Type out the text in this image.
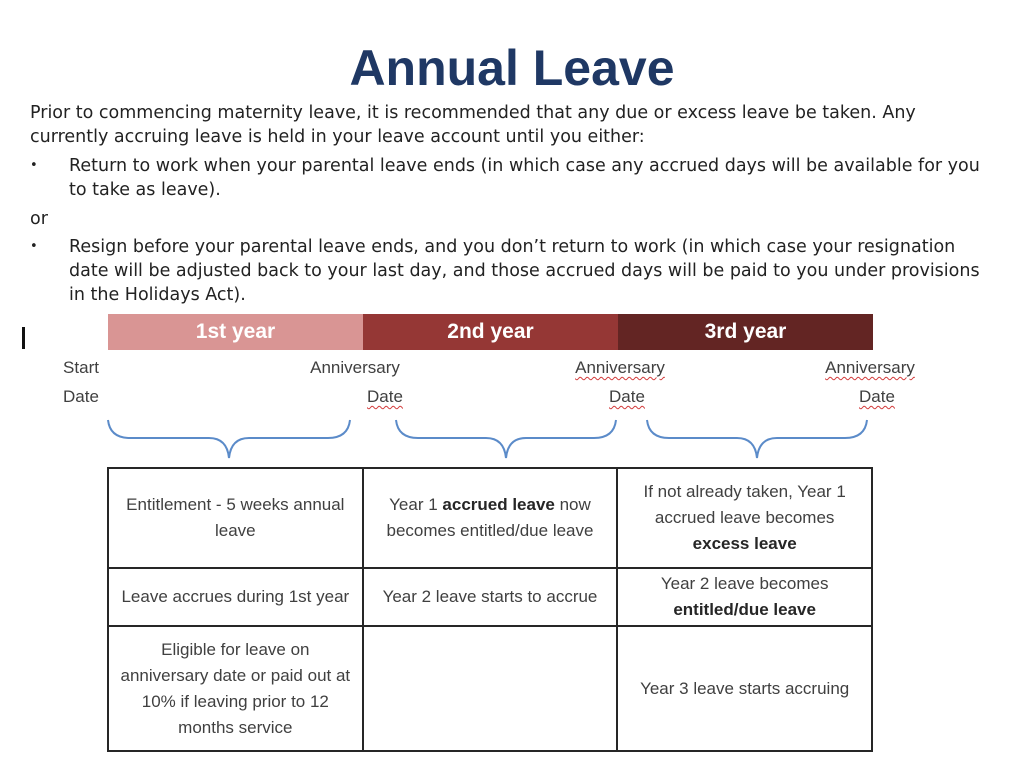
Annual Leave

Prior to commencing maternity leave, it is recommended that any due or excess leave be taken. Any currently accruing leave is held in your leave account until you either:

•	Return to work when your parental leave ends (in which case any accrued days will be available for you to take as leave).
or
•	Resign before your parental leave ends, and you don’t return to work (in which case your resignation date will be adjusted back to your last day, and those accrued days will be paid to you under provisions in the Holidays Act).
1st year	2nd year	3rd year
Start
Date
Anniversary
Date
Anniversary
Date
Anniversary
Date
Entitlement - 5 weeks annual leave	Year 1 accrued leave now becomes entitled/due leave	If not already taken, Year 1 accrued leave becomes excess leave
Leave accrues during 1st year	Year 2 leave starts to accrue	Year 2 leave becomes entitled/due leave
Eligible for leave on anniversary date or paid out at 10% if leaving prior to 12 months service		Year 3 leave starts accruing
